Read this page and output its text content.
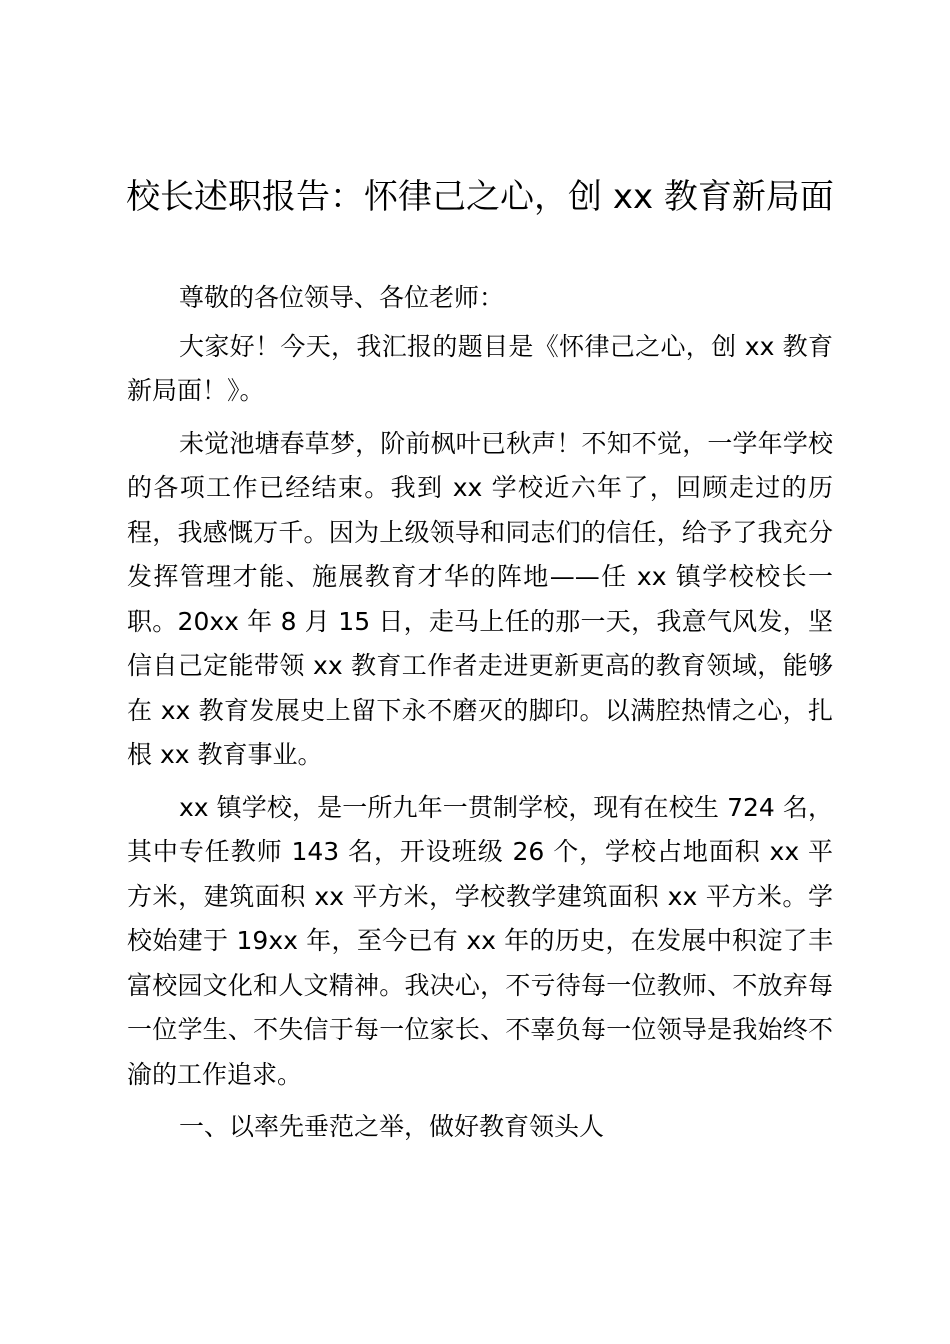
校长述职报告：怀律己之心，创 xx 教育新局面

尊敬的各位领导、各位老师：

大家好！今天，我汇报的题目是《怀律己之心，创 xx 教育新局面！》。

未觉池塘春草梦，阶前枫叶已秋声！不知不觉，一学年学校的各项工作已经结束。我到 xx 学校近六年了，回顾走过的历程，我感慨万千。因为上级领导和同志们的信任，给予了我充分发挥管理才能、施展教育才华的阵地——任 xx 镇学校校长一职。20xx 年 8 月 15 日，走马上任的那一天，我意气风发，坚信自己定能带领 xx 教育工作者走进更新更高的教育领域，能够在 xx 教育发展史上留下永不磨灭的脚印。以满腔热情之心，扎根 xx 教育事业。

xx 镇学校，是一所九年一贯制学校，现有在校生 724 名，其中专任教师 143 名，开设班级 26 个，学校占地面积 xx 平方米，建筑面积 xx 平方米，学校教学建筑面积 xx 平方米。学校始建于 19xx 年，至今已有 xx 年的历史，在发展中积淀了丰富校园文化和人文精神。我决心，不亏待每一位教师、不放弃每一位学生、不失信于每一位家长、不辜负每一位领导是我始终不渝的工作追求。

一、以率先垂范之举，做好教育领头人
